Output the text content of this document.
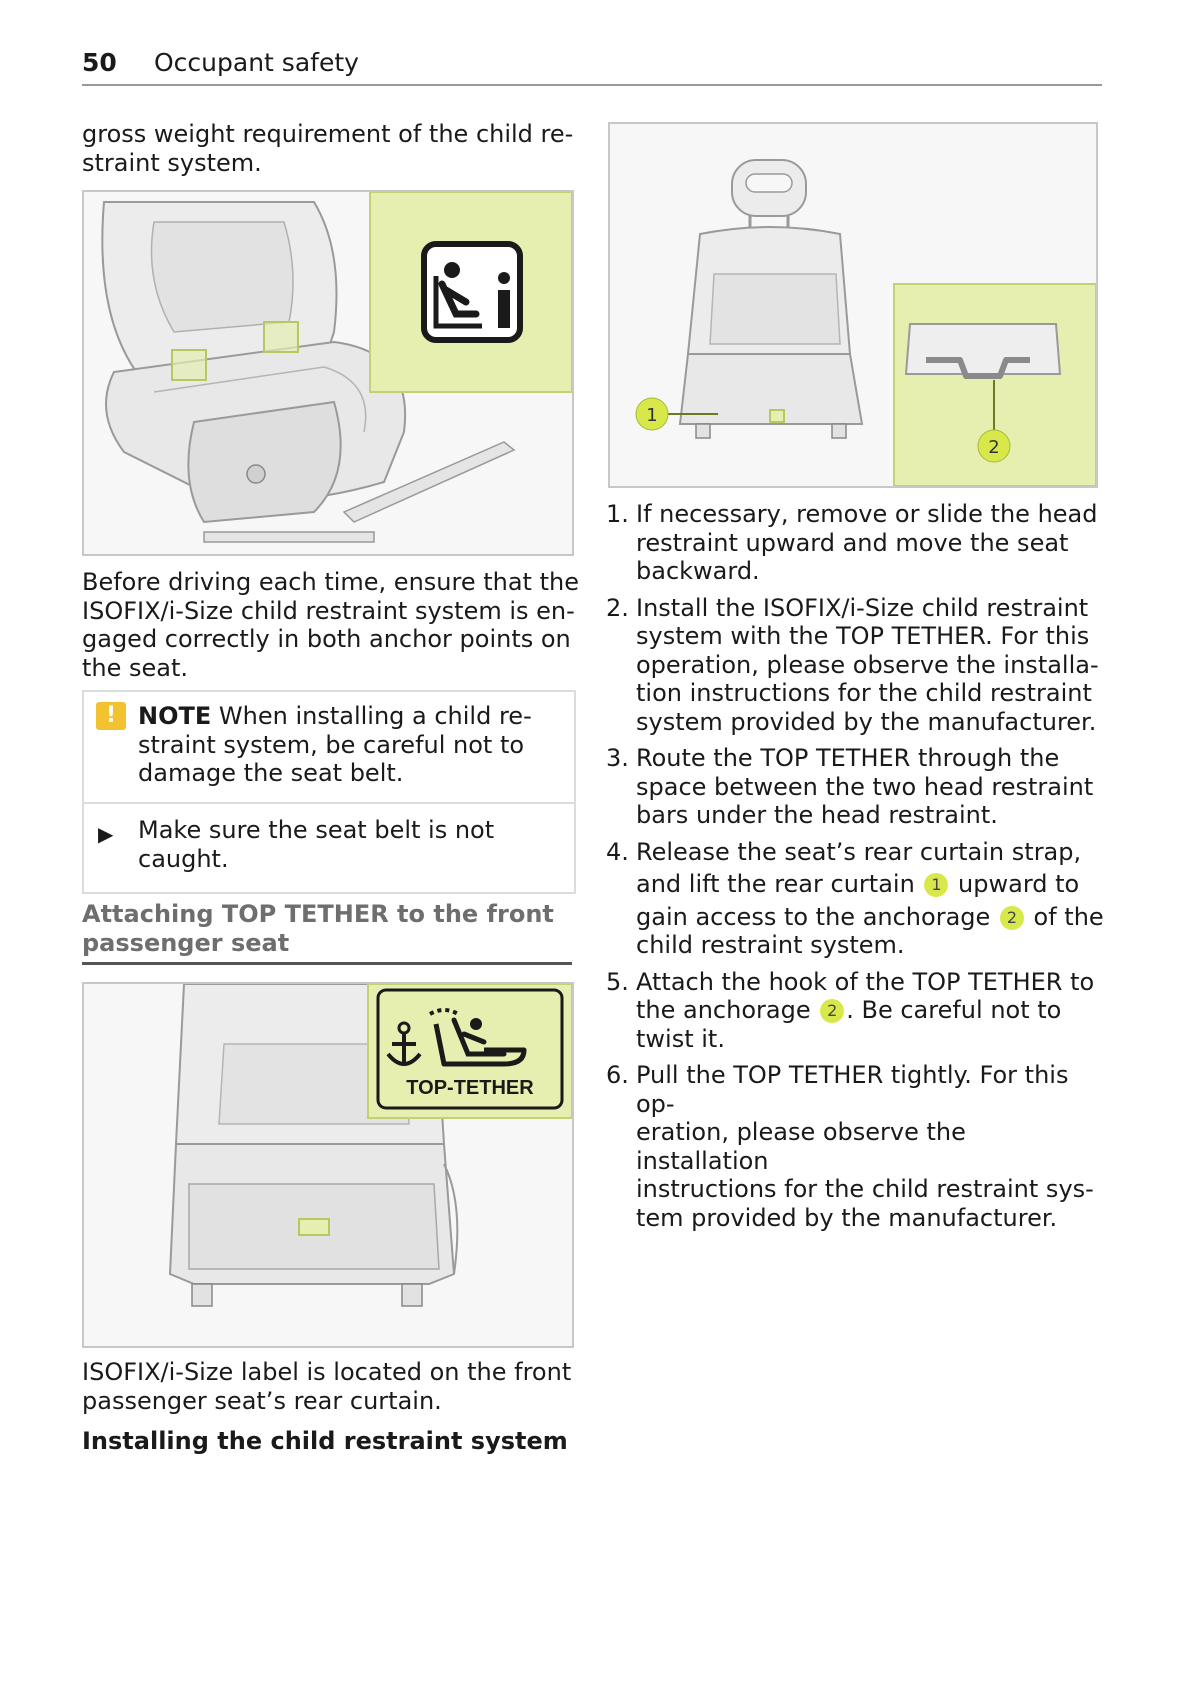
50 Occupant safety

gross weight requirement of the child re-

straint system.

Before driving each time, ensure that the

ISOFIX/i-Size child restraint system is en-

gaged correctly in both anchor points on

the seat.

! NOTE When installing a child re-
straint system, be careful not to
damage the seat belt.
▶ Make sure the seat belt is not
caught.

Attaching TOP TETHER to the front

passenger seat

TOP-TETHER

ISOFIX/i-Size label is located on the front

passenger seat’s rear curtain.

Installing the child restraint system

1
2
1. If necessary, remove or slide the head
restraint upward and move the seat
backward.
2. Install the ISOFIX/i-Size child restraint
system with the TOP TETHER. For this
operation, please observe the installa-
tion instructions for the child restraint
system provided by the manufacturer.
3. Route the TOP TETHER through the
space between the two head restraint
bars under the head restraint.
4. Release the seat’s rear curtain strap,
and lift the rear curtain 1 upward to
gain access to the anchorage 2 of the
child restraint system.
5. Attach the hook of the TOP TETHER to
the anchorage 2 . Be careful not to
twist it.
6. Pull the TOP TETHER tightly. For this op-
eration, please observe the installation
instructions for the child restraint sys-
tem provided by the manufacturer.
